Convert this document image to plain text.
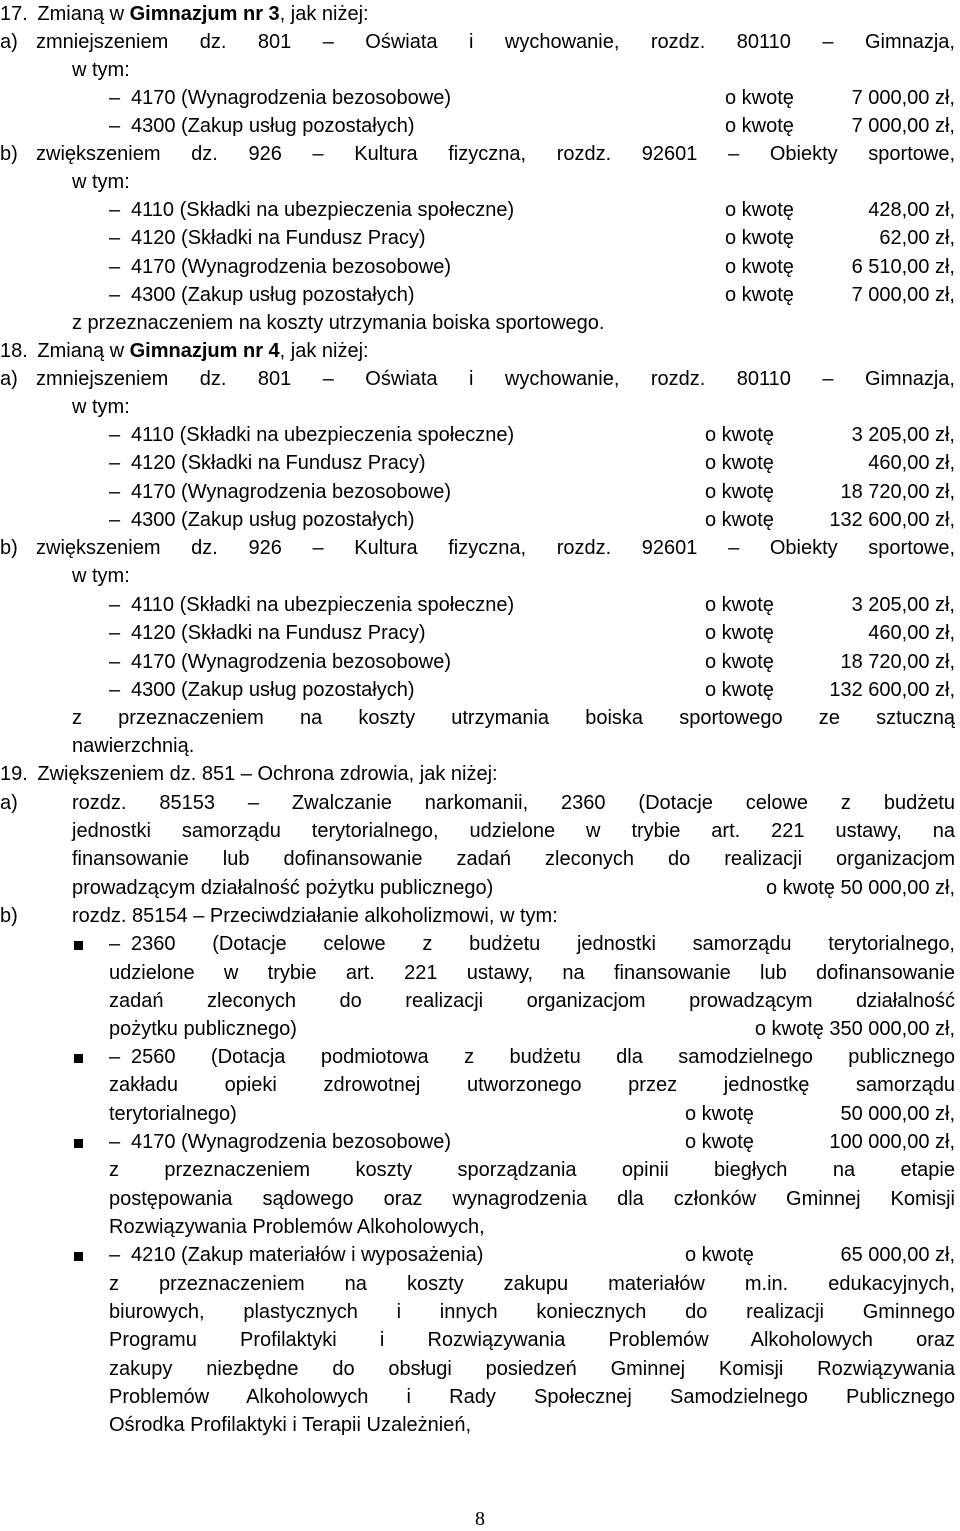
17. Zmianą w Gimnazjum nr 3, jak niżej:
a) zmniejszeniem dz. 801 – Oświata i wychowanie, rozdz. 80110 – Gimnazja,
w tym:
– 4170 (Wynagrodzenia bezosobowe)	o kwotę	7 000,00 zł,
– 4300 (Zakup usług pozostałych)	o kwotę	7 000,00 zł,
b) zwiększeniem dz. 926 – Kultura fizyczna, rozdz. 92601 – Obiekty sportowe,
w tym:
– 4110 (Składki na ubezpieczenia społeczne)	o kwotę	428,00 zł,
– 4120 (Składki na Fundusz Pracy)	o kwotę	62,00 zł,
– 4170 (Wynagrodzenia bezosobowe)	o kwotę	6 510,00 zł,
– 4300 (Zakup usług pozostałych)	o kwotę	7 000,00 zł,
z przeznaczeniem na koszty utrzymania boiska sportowego.
18. Zmianą w Gimnazjum nr 4, jak niżej:
a) zmniejszeniem dz. 801 – Oświata i wychowanie, rozdz. 80110 – Gimnazja,
w tym:
– 4110 (Składki na ubezpieczenia społeczne)	o kwotę	3 205,00 zł,
– 4120 (Składki na Fundusz Pracy)	o kwotę	460,00 zł,
– 4170 (Wynagrodzenia bezosobowe)	o kwotę	18 720,00 zł,
– 4300 (Zakup usług pozostałych)	o kwotę	132 600,00 zł,
b) zwiększeniem dz. 926 – Kultura fizyczna, rozdz. 92601 – Obiekty sportowe,
w tym:
– 4110 (Składki na ubezpieczenia społeczne)	o kwotę	3 205,00 zł,
– 4120 (Składki na Fundusz Pracy)	o kwotę	460,00 zł,
– 4170 (Wynagrodzenia bezosobowe)	o kwotę	18 720,00 zł,
– 4300 (Zakup usług pozostałych)	o kwotę	132 600,00 zł,
z przeznaczeniem na koszty utrzymania boiska sportowego ze sztuczną
nawierzchnią.
19. Zwiększeniem dz. 851 – Ochrona zdrowia, jak niżej:
a)	rozdz. 85153 – Zwalczanie narkomanii, 2360 (Dotacje celowe z budżetu
jednostki samorządu terytorialnego, udzielone w trybie art. 221 ustawy, na
finansowanie lub dofinansowanie zadań zleconych do realizacji organizacjom
prowadzącym działalność pożytku publicznego)	o kwotę 50 000,00 zł,
b)	rozdz. 85154 – Przeciwdziałanie alkoholizmowi, w tym:
– 2360 (Dotacje celowe z budżetu jednostki samorządu terytorialnego,
udzielone w trybie art. 221 ustawy, na finansowanie lub dofinansowanie
zadań zleconych do realizacji organizacjom prowadzącym działalność
pożytku publicznego)	o kwotę 350 000,00 zł,
– 2560 (Dotacja podmiotowa z budżetu dla samodzielnego publicznego
zakładu opieki zdrowotnej utworzonego przez jednostkę samorządu
terytorialnego)	o kwotę	50 000,00 zł,
– 4170 (Wynagrodzenia bezosobowe)	o kwotę	100 000,00 zł,
z przeznaczeniem koszty sporządzania opinii biegłych na etapie
postępowania sądowego oraz wynagrodzenia dla członków Gminnej Komisji
Rozwiązywania Problemów Alkoholowych,
– 4210 (Zakup materiałów i wyposażenia)	o kwotę	65 000,00 zł,
z przeznaczeniem na koszty zakupu materiałów m.in. edukacyjnych,
biurowych, plastycznych i innych koniecznych do realizacji Gminnego
Programu Profilaktyki i Rozwiązywania Problemów Alkoholowych oraz
zakupy niezbędne do obsługi posiedzeń Gminnej Komisji Rozwiązywania
Problemów Alkoholowych i Rady Społecznej Samodzielnego Publicznego
Ośrodka Profilaktyki i Terapii Uzależnień,
8
